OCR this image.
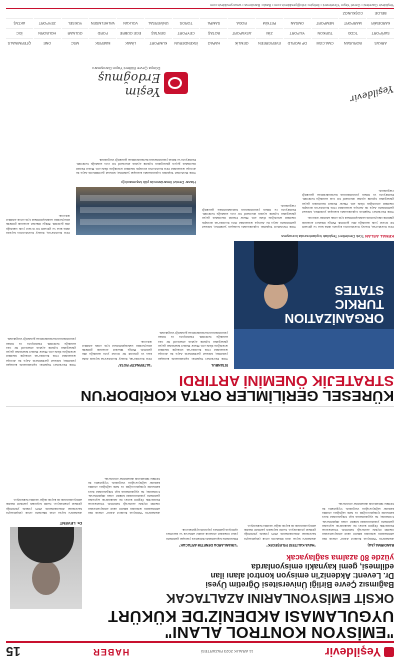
Yeşildevir
11 ARALIK 2023 PAZARTESİ
HABER
15
"EMİSYON KONTROL ALANI"
UYGULAMASI AKDENİZ'DE KÜKÜRT
OKSİT EMİSYONLARINI AZALTACAK
Bağımsız Çevre Birliği Üniversitesi Öğretim Üyesi
Dr. Levent: Akdeniz'in emisyon kontrol alanı ilan
edilmesi, gemi kaynaklı emisyonlarda
yüzde 80 azalma sağlayacak
Dr. LEVENT

BANDIRMA (AA)

Akdeniz'in "Emisyon Kontrol Alanı" olarak ilan edilmesinin ardından kükürt oksit emisyonlarının önemli ölçüde azalacağı belirtildi. Uluslararası Denizcilik Örgütü kararı ile Akdeniz'de seyreden gemilerin yakıtlarındaki kükürt oranı düşürülecek. Uzmanlar, bu uygulamanın kıyı bölgelerdeki hava kalitesini iyileştireceğini ve halk sağlığına olumlu katkılar sağlayacağını vurguladı. Uygulama ile birlikte limanlarda denetimler artırılacak.

"HAVA KALİTESİ İYİLEŞECEK"

Akdeniz'e kıyısı olan ülkelerin ortak çalışmasıyla hazırlanan düzenlemenin 2025 yılında yürürlüğe girmesi planlanıyor. Gemi kaynaklı partikül madde emisyonlarında da kayda değer azalma bekleniyor.

"LİMANLARDA DENETİM ARTACAK"

Düzenleme kapsamında limanlara yanaşan gemilerin yakıt örnekleri alınarak analiz edilecek ve kurallara uymayan gemilere yaptırım uygulanacak.

Akdeniz'in "Emisyon Kontrol Alanı" olarak ilan edilmesinin ardından kükürt oksit emisyonlarının önemli ölçüde azalacağı belirtildi. Uluslararası Denizcilik Örgütü kararı ile Akdeniz'de seyreden gemilerin yakıtlarındaki kükürt oranı düşürülecek. Uzmanlar, bu uygulamanın kıyı bölgelerdeki hava kalitesini iyileştireceğini ve halk sağlığına olumlu katkılar sağlayacağını vurguladı. Uygulama ile birlikte limanlarda denetimler artırılacak.

Akdeniz'e kıyısı olan ülkelerin ortak çalışmasıyla hazırlanan düzenlemenin 2025 yılında yürürlüğe girmesi planlanıyor. Gemi kaynaklı partikül madde emisyonlarında da kayda değer azalma bekleniyor.

KÜRESEL GERİLİMLER ORTA KORİDOR'UN
STRATEJİK ÖNEMİNİ ARTIRDI
ORGANİZATION
TURKIC
STATES
KEMAL ASLAN Türk Devletleri Teşkilatı toplantısında konuşma

İSTANBUL

Türk Devletleri Teşkilatı toplantısında konuşan yetkililer, küresel gerilimlerin Asya ile Avrupa arasındaki Orta Koridor'un stratejik önemini artırdığını ifade etti. Hazar Denizi üzerinden geçen güzergahın lojistik açıdan alternatif bir rota sunduğu belirtildi. Demiryolu ve liman yatırımlarının hızlandırılması gerektiği vurgulandı.

"ALTERNATİF ROTA"

Orta Koridor'un, Kuzey Koridoru'na kıyasla daha kısa ve güvenli bir ticaret yolu sunduğu dile getirildi. Bölge ülkeleri arasında gümrük süreçlerinin sadeleştirilmesi için ortak adımlar atılacak.

Türk Devletleri Teşkilatı toplantısında konuşan yetkililer, küresel gerilimlerin Asya ile Avrupa arasındaki Orta Koridor'un stratejik önemini artırdığını ifade etti. Hazar Denizi üzerinden geçen güzergahın lojistik açıdan alternatif bir rota sunduğu belirtildi. Demiryolu ve liman yatırımlarının hızlandırılması gerektiği vurgulandı.

Orta Koridor'un, Kuzey Koridoru'na kıyasla daha kısa ve güvenli bir ticaret yolu sunduğu dile getirildi. Bölge ülkeleri arasında gümrük süreçlerinin sadeleştirilmesi için ortak adımlar atılacak.

Türk Devletleri Teşkilatı toplantısında konuşan yetkililer, küresel gerilimlerin Asya ile Avrupa arasındaki Orta Koridor'un stratejik önemini artırdığını ifade etti. Hazar Denizi üzerinden geçen güzergahın lojistik açıdan alternatif bir rota sunduğu belirtildi. Demiryolu ve liman yatırımlarının hızlandırılması gerektiği vurgulandı.

Türk Devletleri Teşkilatı toplantısında konuşan yetkililer, küresel gerilimlerin Asya ile Avrupa arasındaki Orta Koridor'un stratejik önemini artırdığını ifade etti. Hazar Denizi üzerinden geçen güzergahın lojistik açıdan alternatif bir rota sunduğu belirtildi. Demiryolu ve liman yatırımlarının hızlandırılması gerektiği vurgulandı.

Hazar Denizi limanlarında yük taşımacılığı

Orta Koridor'un, Kuzey Koridoru'na kıyasla daha kısa ve güvenli bir ticaret yolu sunduğu dile getirildi. Bölge ülkeleri arasında gümrük süreçlerinin sadeleştirilmesi için ortak adımlar atılacak.

Türk Devletleri Teşkilatı toplantısında konuşan yetkililer, küresel gerilimlerin Asya ile Avrupa arasındaki Orta Koridor'un stratejik önemini artırdığını ifade etti. Hazar Denizi üzerinden geçen güzergahın lojistik açıdan alternatif bir rota sunduğu belirtildi. Demiryolu ve liman yatırımlarının hızlandırılması gerektiği vurgulandı.

Yeşim Erdoğmuş
Dünya Çevre Bülteni Yayın Danışmanı
Yeşildevir
ARKAS
BORUSAN
CMA CGM
DP WORLD
EVERGREEN
GEMLİK
HAPAG
İSKENDERUN
KUMPORT
LİMAK
MAERSK
MSC
ONE
QTERMINALS
SAFİPORT
TCDD
TÜRKON
YILPORT
ZİM
ASYAPORT
BOTAŞ
CEYPORT
DENTAŞ
EGE GÜBRE
FORD
GÜLNAR
HOLBORN
İDC
KARDEMİR
MARPORT
NEMPORT
OMSAN
PETKİM
RODA
SAMPA
TOROS
ÜNİVERSAL
VOLKAN
WILHELMSEN
YÜKSEL
ZEYPORT
AKTAŞ
BELDE
COŞKUNÖZ
Yeşildevir Gazetesi • Genel Yayın Yönetmeni • İletişim: info@yesildevir.com • Baskı: Bandırma • www.yesildevir.com
